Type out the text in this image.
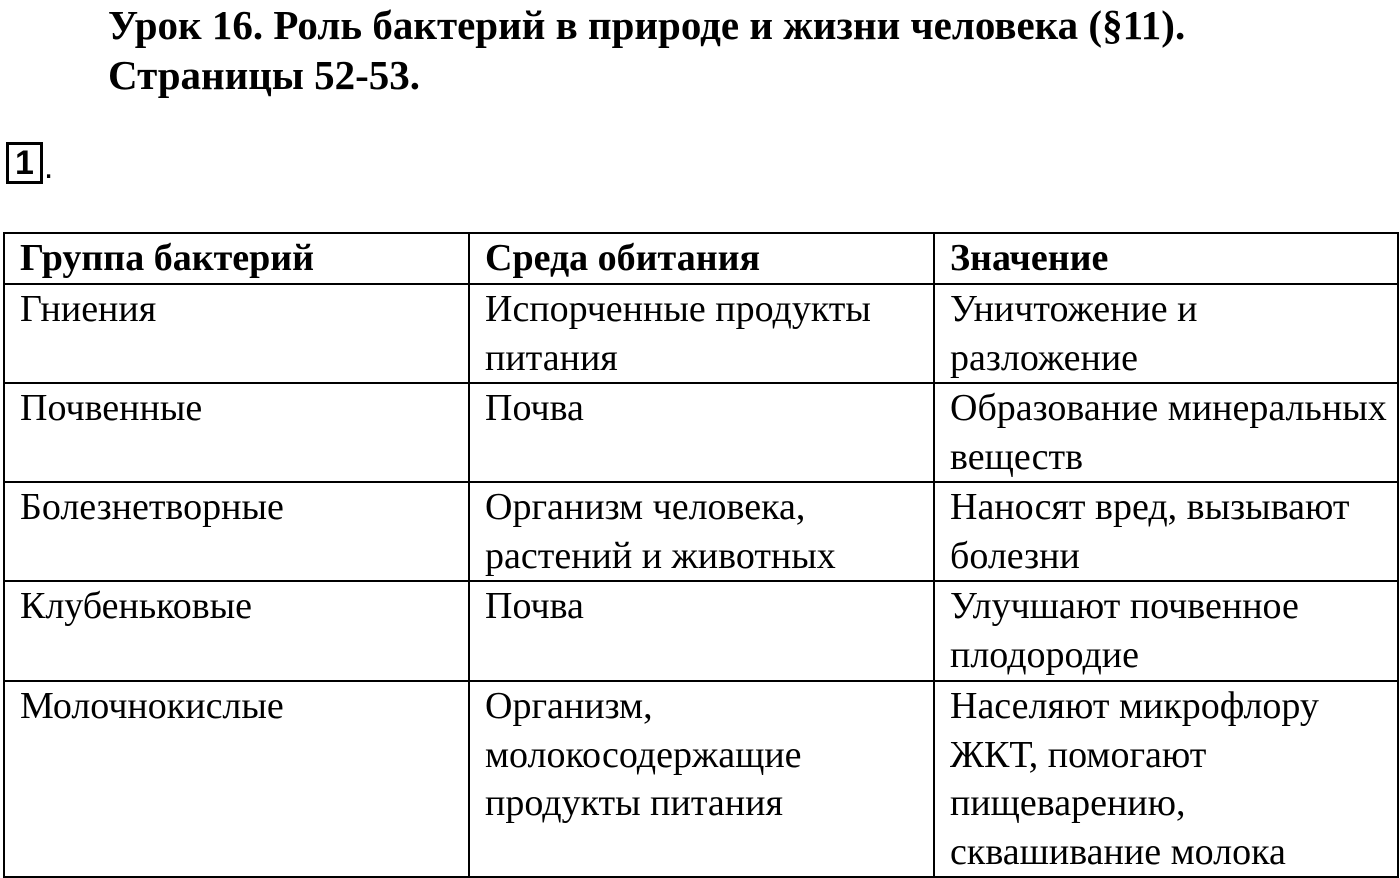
Урок 16. Роль бактерий в природе и жизни человека (§11).
Страницы 52-53.
1 .
Группа бактерий	Среда обитания	Значение
Гниения	Испорченные продукты питания	Уничтожение и разложение
Почвенные	Почва	Образование минеральных веществ
Болезнетворные	Организм человека, растений и животных	Наносят вред, вызывают болезни
Клубеньковые	Почва	Улучшают почвенное плодородие
Молочнокислые	Организм, молокосодержащие продукты питания	Населяют микрофлору ЖКТ, помогают пищеварению, сквашивание молока
